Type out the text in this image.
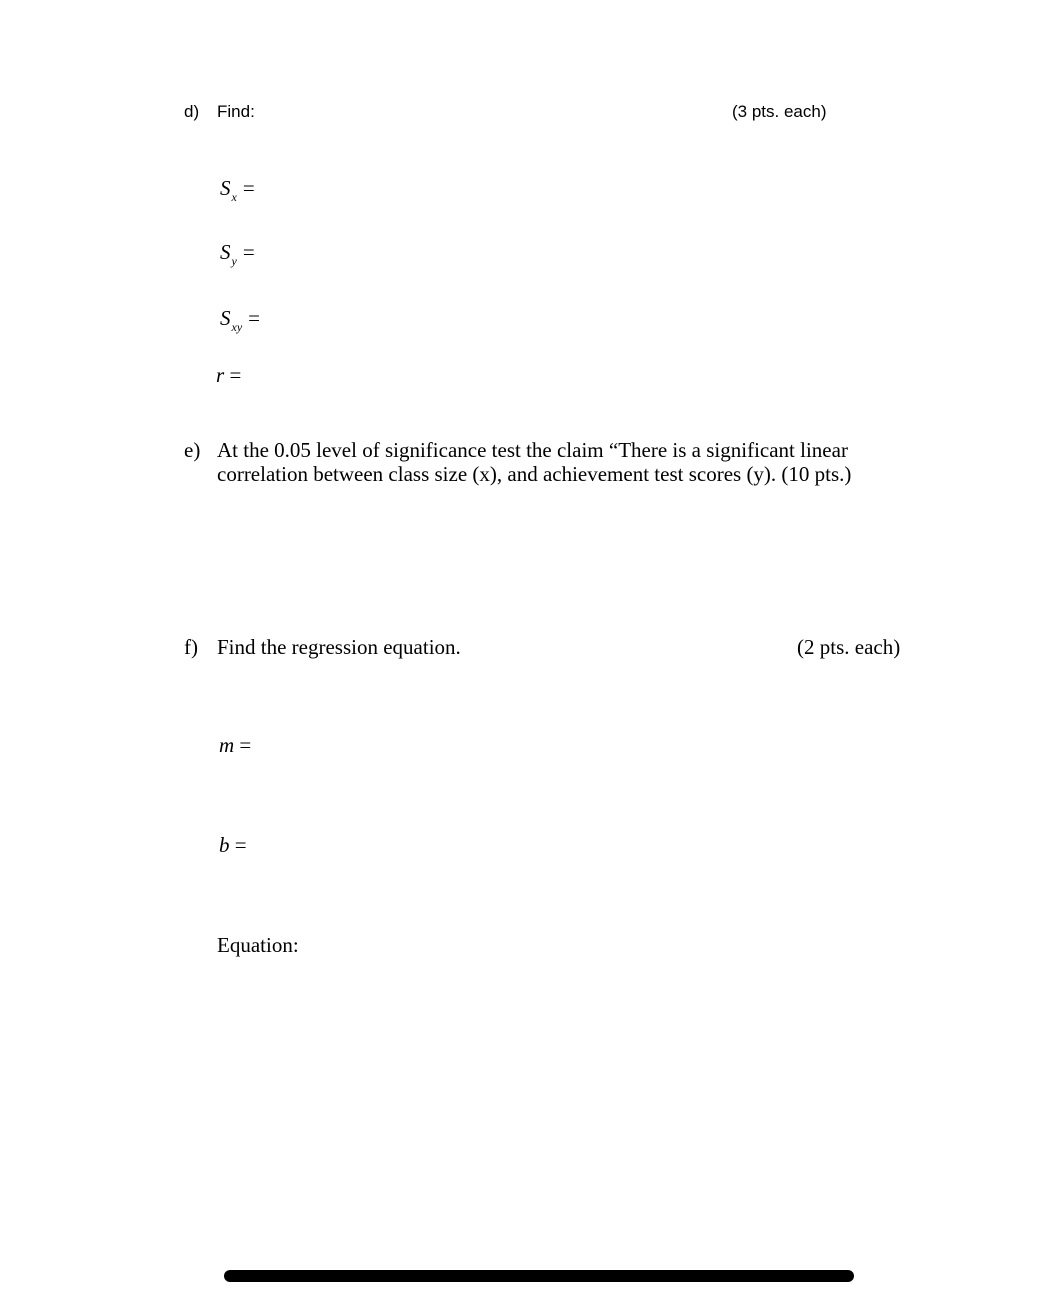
d) Find:	(3 pts. each)
$S_x$ =
$S_y$ =
$S_{xy}$ =
r =
e) At the 0.05 level of significance test the claim “There is a significant linear
correlation between class size (x), and achievement test scores (y). (10 pts.)
f) Find the regression equation.	(2 pts. each)
m =
b =
Equation:
